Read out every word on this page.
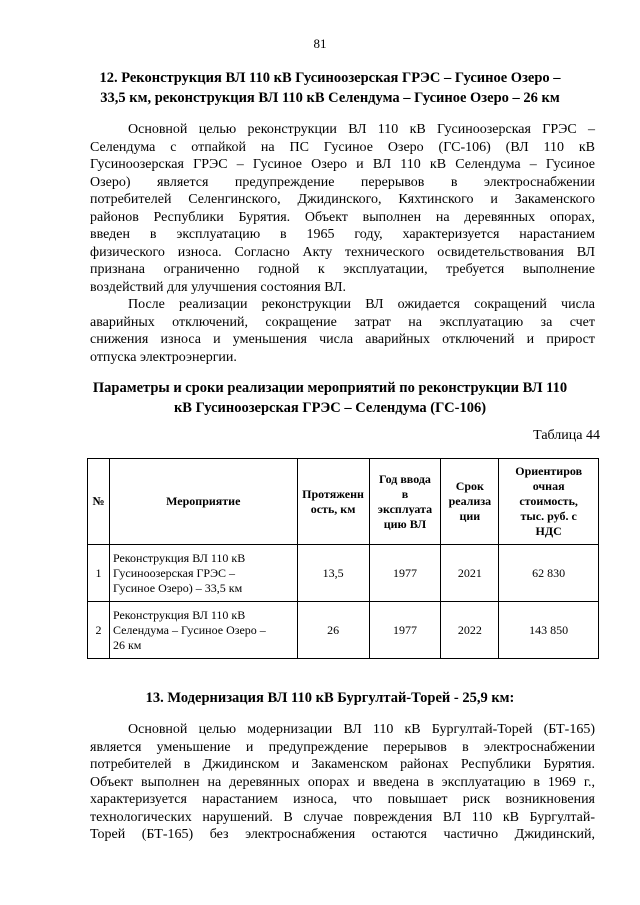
81
12. Реконструкция ВЛ 110 кВ Гусиноозерская ГРЭС – Гусиное Озеро –
33,5 км, реконструкция ВЛ 110 кВ Селендума – Гусиное Озеро – 26 км

Основной целью реконструкции ВЛ 110 кВ Гусиноозерская ГРЭС –
Селендума с отпайкой на ПС Гусиное Озеро (ГС-106) (ВЛ 110 кВ
Гусиноозерская ГРЭС – Гусиное Озеро и ВЛ 110 кВ Селендума – Гусиное
Озеро) является предупреждение перерывов в электроснабжении
потребителей Селенгинского, Джидинского, Кяхтинского и Закаменского
районов Республики Бурятия. Объект выполнен на деревянных опорах,
введен в эксплуатацию в 1965 году, характеризуется нарастанием
физического износа. Согласно Акту технического освидетельствования ВЛ
признана ограниченно годной к эксплуатации, требуется выполнение
воздействий для улучшения состояния ВЛ.

После реализации реконструкции ВЛ ожидается сокращений числа
аварийных отключений, сокращение затрат на эксплуатацию за счет
снижения износа и уменьшения числа аварийных отключений и прирост
отпуска электроэнергии.

Параметры и сроки реализации мероприятий по реконструкции ВЛ 110
кВ Гусиноозерская ГРЭС – Селендума (ГС-106)
Таблица 44
№	Мероприятие	Протяженн ость, км	Год ввода
в
эксплуата
цию ВЛ	Срок
реализа
ции	Ориентиров
очная
стоимость,
тыс. руб. с
НДС
1	Реконструкция ВЛ 110 кВ
Гусиноозерская ГРЭС –
Гусиное Озеро) – 33,5 км	13,5	1977	2021	62 830
2	Реконструкция ВЛ 110 кВ
Селендума – Гусиное Озеро –
26 км	26	1977	2022	143 850
13. Модернизация ВЛ 110 кВ Бургултай-Торей - 25,9 км:

Основной целью модернизации ВЛ 110 кВ Бургултай-Торей (БТ-165)
является уменьшение и предупреждение перерывов в электроснабжении
потребителей в Джидинском и Закаменском районах Республики Бурятия.
Объект выполнен на деревянных опорах и введена в эксплуатацию в 1969 г.,
характеризуется нарастанием износа, что повышает риск возникновения
технологических нарушений. В случае повреждения ВЛ 110 кВ Бургултай-
Торей (БТ-165) без электроснабжения остаются частично Джидинский,
